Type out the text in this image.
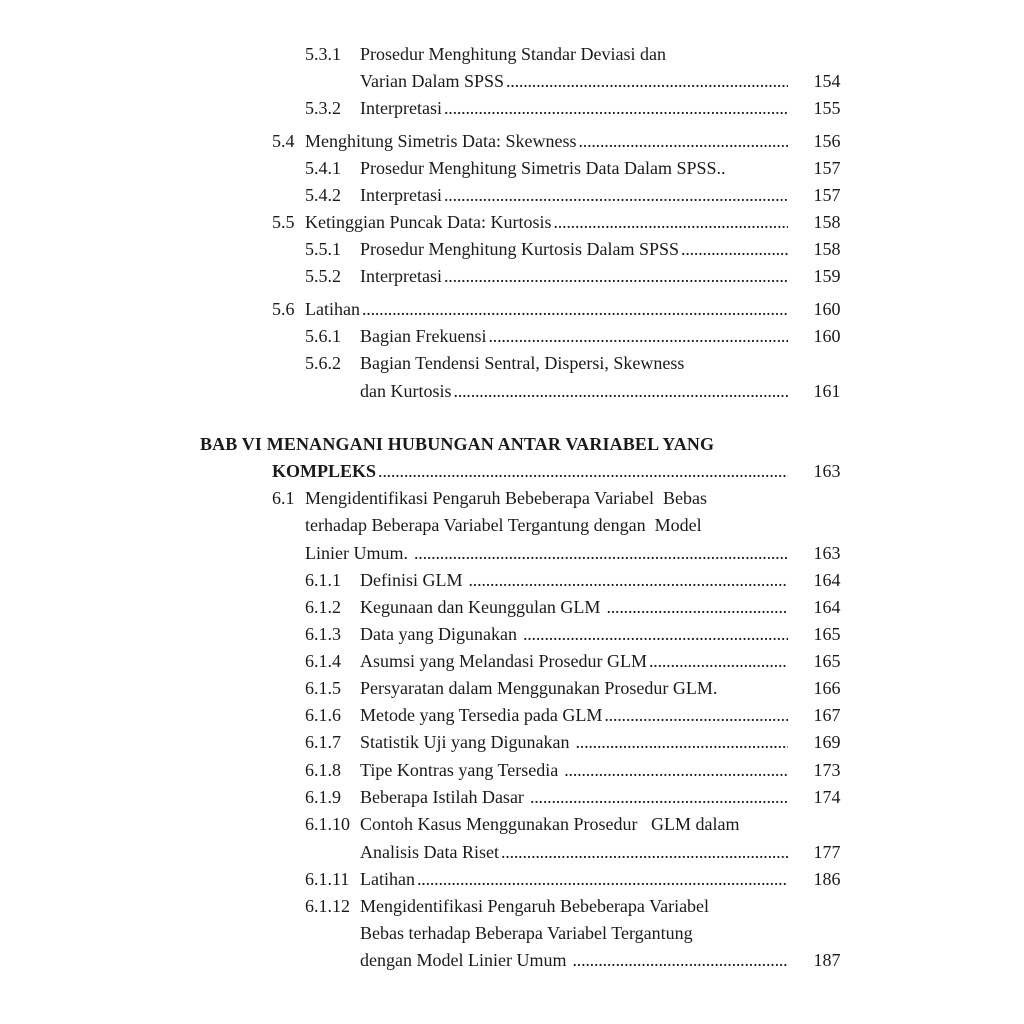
5.3.1 Prosedur Menghitung Standar Deviasi dan
Varian Dalam SPSS .....	154
5.3.2 Interpretasi .....	155
5.4 Menghitung Simetris Data: Skewness .....	156
5.4.1 Prosedur Menghitung Simetris Data Dalam SPSS..	157
5.4.2 Interpretasi .....	157
5.5 Ketinggian Puncak Data: Kurtosis .....	158
5.5.1 Prosedur Menghitung Kurtosis Dalam SPSS .....	158
5.5.2 Interpretasi .....	159
5.6 Latihan .....	160
5.6.1 Bagian Frekuensi .....	160
5.6.2 Bagian Tendensi Sentral, Dispersi, Skewness
dan Kurtosis .....	161
BAB VI MENANGANI HUBUNGAN ANTAR VARIABEL YANG
KOMPLEKS .....	163
6.1 Mengidentifikasi Pengaruh Bebeberapa Variabel  Bebas
terhadap Beberapa Variabel Tergantung dengan  Model
Linier Umum. .....	163
6.1.1 Definisi GLM .....	164
6.1.2 Kegunaan dan Keunggulan GLM .....	164
6.1.3 Data yang Digunakan .....	165
6.1.4 Asumsi yang Melandasi Prosedur GLM .....	165
6.1.5 Persyaratan dalam Menggunakan Prosedur GLM.	166
6.1.6 Metode yang Tersedia pada GLM .....	167
6.1.7 Statistik Uji yang Digunakan .....	169
6.1.8 Tipe Kontras yang Tersedia .....	173
6.1.9 Beberapa Istilah Dasar .....	174
6.1.10 Contoh Kasus Menggunakan Prosedur   GLM dalam
Analisis Data Riset .....	177
6.1.11 Latihan .....	186
6.1.12 Mengidentifikasi Pengaruh Bebeberapa Variabel
Bebas terhadap Beberapa Variabel Tergantung
dengan Model Linier Umum .....	187
